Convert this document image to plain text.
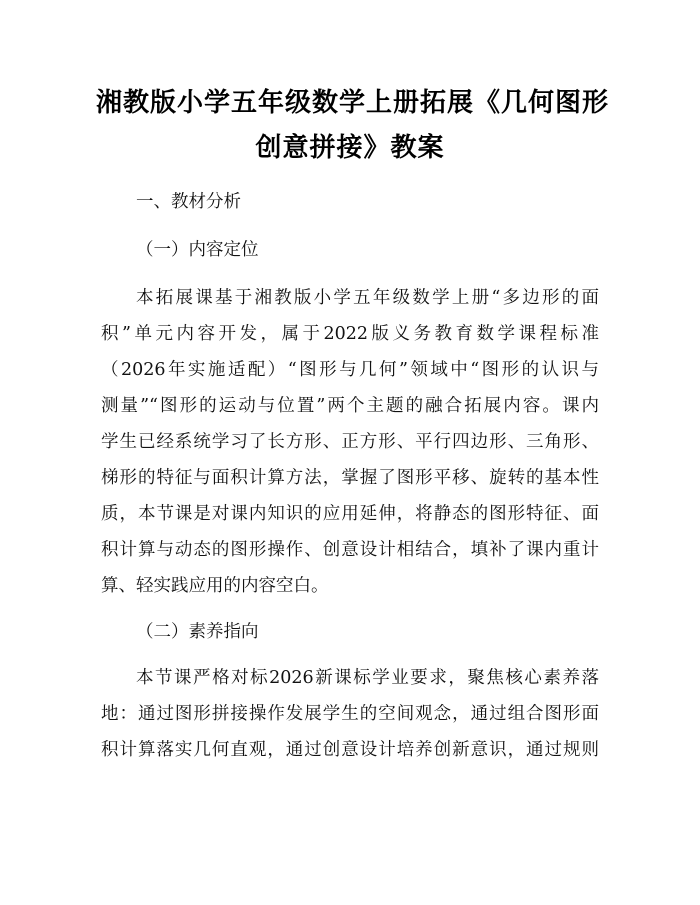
湘教版小学五年级数学上册拓展《几何图形
创意拼接》教案
一、教材分析
（一）内容定位
本拓展课基于湘教版小学五年级数学上册“多边形的面
积”单元内容开发，属于2022版义务教育数学课程标准
（2026年实施适配）“图形与几何”领域中“图形的认识与
测量”“图形的运动与位置”两个主题的融合拓展内容。课内
学生已经系统学习了长方形、正方形、平行四边形、三角形、
梯形的特征与面积计算方法，掌握了图形平移、旋转的基本性
质，本节课是对课内知识的应用延伸，将静态的图形特征、面
积计算与动态的图形操作、创意设计相结合，填补了课内重计
算、轻实践应用的内容空白。
（二）素养指向
本节课严格对标2026新课标学业要求，聚焦核心素养落
地：通过图形拼接操作发展学生的空间观念，通过组合图形面
积计算落实几何直观，通过创意设计培养创新意识，通过规则
